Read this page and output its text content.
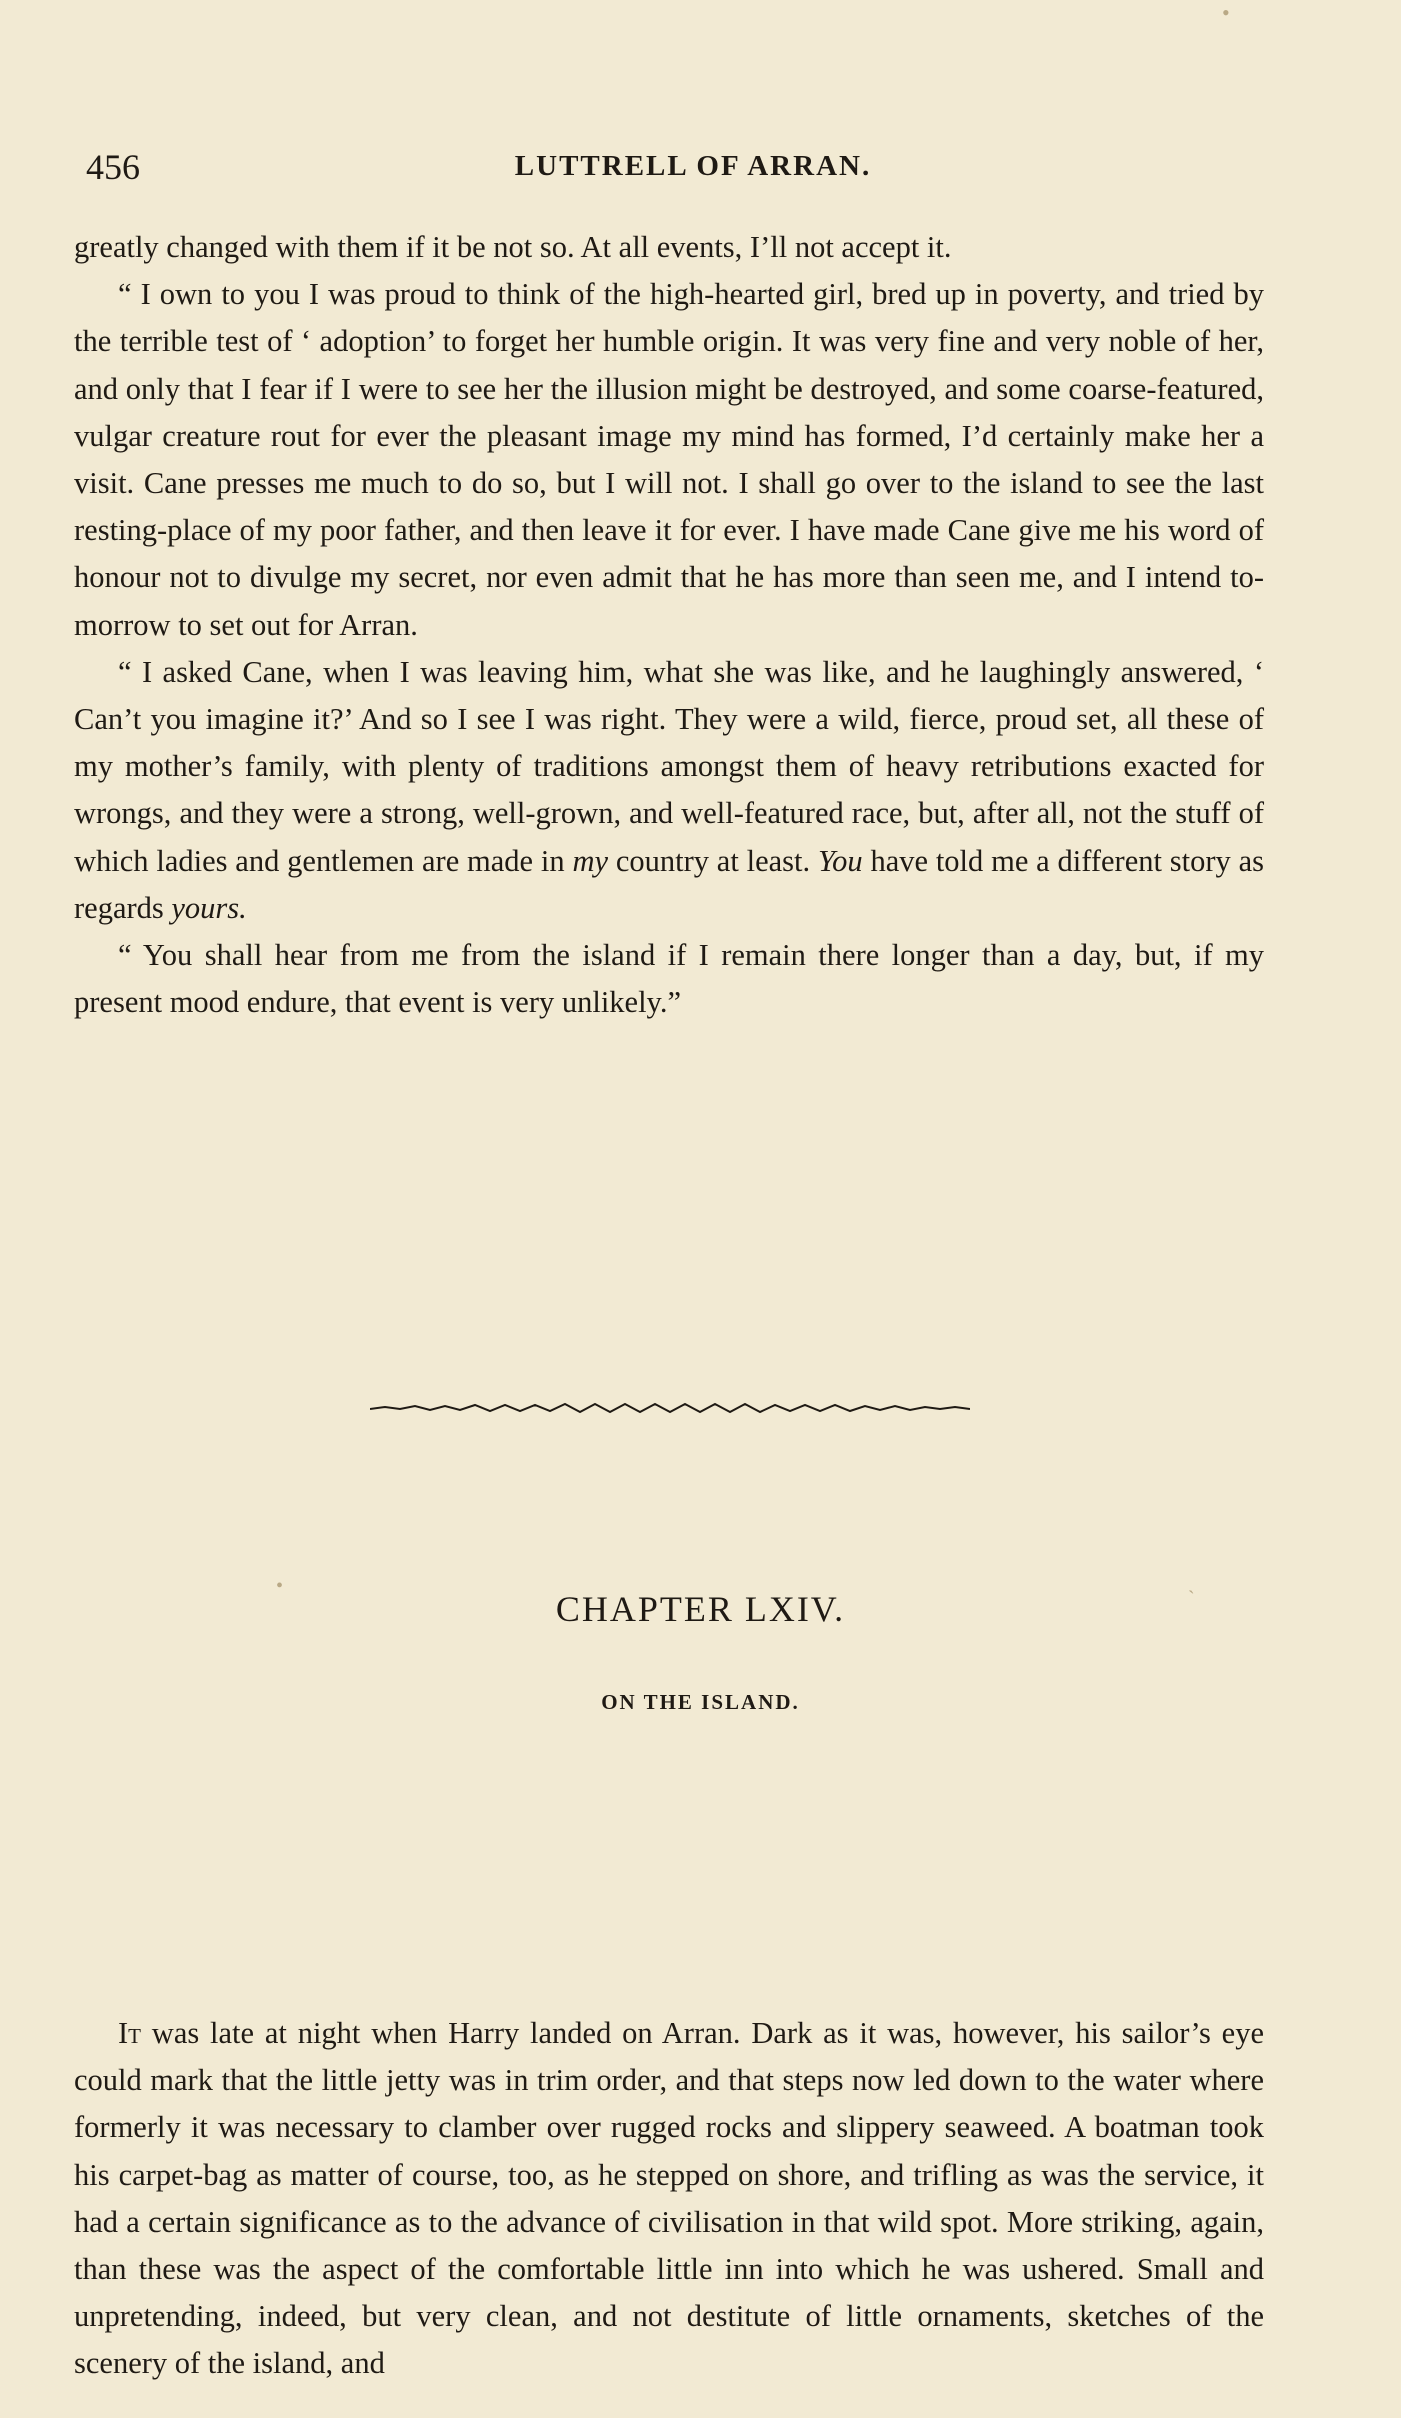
•
456	LUTTRELL OF ARRAN.

greatly changed with them if it be not so. At all events, I’ll not accept it.

“ I own to you I was proud to think of the high-hearted girl, bred up in poverty, and tried by the terrible test of ‘ adoption’ to forget her humble origin. It was very fine and very noble of her, and only that I fear if I were to see her the illusion might be destroyed, and some coarse-featured, vulgar creature rout for ever the pleasant image my mind has formed, I’d certainly make her a visit. Cane presses me much to do so, but I will not. I shall go over to the island to see the last resting-place of my poor father, and then leave it for ever. I have made Cane give me his word of honour not to divulge my secret, nor even admit that he has more than seen me, and I intend to-morrow to set out for Arran.

“ I asked Cane, when I was leaving him, what she was like, and he laughingly answered, ‘ Can’t you imagine it?’ And so I see I was right. They were a wild, fierce, proud set, all these of my mother’s family, with plenty of traditions amongst them of heavy retributions exacted for wrongs, and they were a strong, well-grown, and well-featured race, but, after all, not the stuff of which ladies and gentlemen are made in my country at least. You have told me a different story as regards yours.

“ You shall hear from me from the island if I remain there longer than a day, but, if my present mood endure, that event is very unlikely.”

•	ˏ
CHAPTER LXIV.
ON THE ISLAND.

It was late at night when Harry landed on Arran. Dark as it was, however, his sailor’s eye could mark that the little jetty was in trim order, and that steps now led down to the water where formerly it was necessary to clamber over rugged rocks and slippery seaweed. A boatman took his carpet-bag as matter of course, too, as he stepped on shore, and trifling as was the service, it had a certain significance as to the advance of civilisation in that wild spot. More striking, again, than these was the aspect of the comfortable little inn into which he was ushered. Small and unpretending, indeed, but very clean, and not destitute of little ornaments, sketches of the scenery of the island, and
